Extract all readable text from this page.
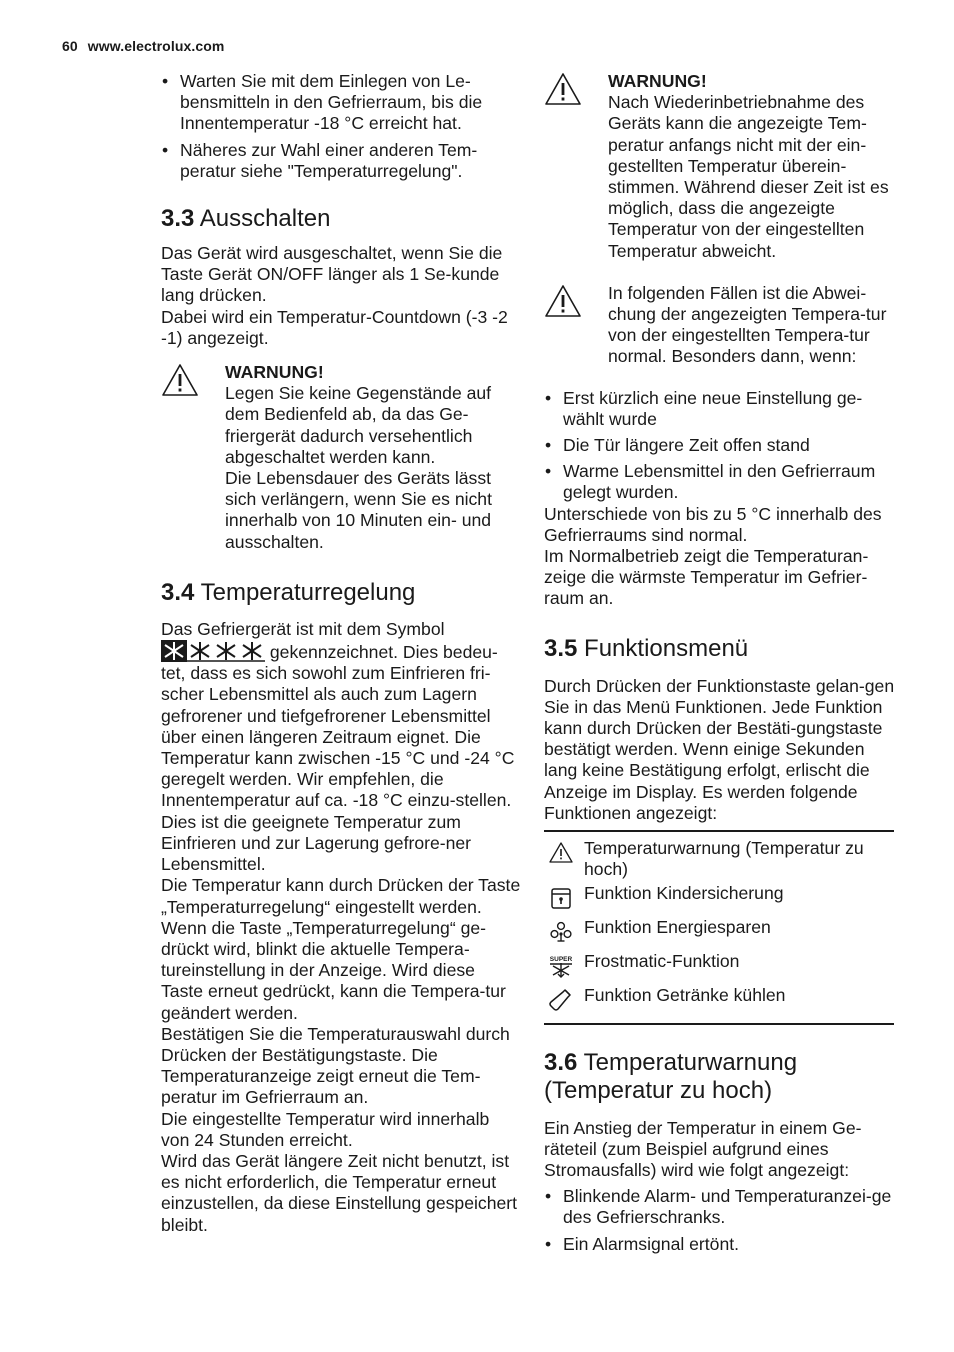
60 www.electrolux.com
• Warten Sie mit dem Einlegen von Le-bensmitteln in den Gefrierraum, bis die Innentemperatur -18 °C erreicht hat.
• Näheres zur Wahl einer anderen Tem-peratur siehe "Temperaturregelung".
3.3 Ausschalten

Das Gerät wird ausgeschaltet, wenn Sie die Taste Gerät ON/OFF länger als 1 Se-kunde lang drücken.
Dabei wird ein Temperatur-Countdown (-3 -2 -1) angezeigt.

WARNUNG!

Legen Sie keine Gegenstände auf dem Bedienfeld ab, da das Ge-friergerät dadurch versehentlich abgeschaltet werden kann.
Die Lebensdauer des Geräts lässt sich verlängern, wenn Sie es nicht innerhalb von 10 Minuten ein- und ausschalten.

3.4 Temperaturregelung

Das Gefriergerät ist mit dem Symbol

gekennzeichnet. Dies bedeu-

tet, dass es sich sowohl zum Einfrieren fri-scher Lebensmittel als auch zum Lagern gefrorener und tiefgefrorener Lebensmittel über einen längeren Zeitraum eignet. Die Temperatur kann zwischen -15 °C und -24 °C geregelt werden. Wir empfehlen, die Innentemperatur auf ca. -18 °C einzu-stellen. Dies ist die geeignete Temperatur zum Einfrieren und zur Lagerung gefrore-ner Lebensmittel.
Die Temperatur kann durch Drücken der Taste „Temperaturregelung“ eingestellt werden.
Wenn die Taste „Temperaturregelung“ ge-drückt wird, blinkt die aktuelle Tempera-tureinstellung in der Anzeige. Wird diese Taste erneut gedrückt, kann die Tempera-tur geändert werden.
Bestätigen Sie die Temperaturauswahl durch Drücken der Bestätigungstaste. Die Temperaturanzeige zeigt erneut die Tem-peratur im Gefrierraum an.
Die eingestellte Temperatur wird innerhalb von 24 Stunden erreicht.
Wird das Gerät längere Zeit nicht benutzt, ist es nicht erforderlich, die Temperatur erneut einzustellen, da diese Einstellung gespeichert bleibt.

WARNUNG!

Nach Wiederinbetriebnahme des Geräts kann die angezeigte Tem-peratur anfangs nicht mit der ein-gestellten Temperatur überein-stimmen. Während dieser Zeit ist es möglich, dass die angezeigte Temperatur von der eingestellten Temperatur abweicht.

In folgenden Fällen ist die Abwei-chung der angezeigten Tempera-tur von der eingestellten Tempera-tur normal. Besonders dann, wenn:

• Erst kürzlich eine neue Einstellung ge-wählt wurde
• Die Tür längere Zeit offen stand
• Warme Lebensmittel in den Gefrierraum gelegt wurden.

Unterschiede von bis zu 5 °C innerhalb des Gefrierraums sind normal.
Im Normalbetrieb zeigt die Temperaturan-zeige die wärmste Temperatur im Gefrier-raum an.

3.5 Funktionsmenü

Durch Drücken der Funktionstaste gelan-gen Sie in das Menü Funktionen. Jede Funktion kann durch Drücken der Bestäti-gungstaste bestätigt werden. Wenn einige Sekunden lang keine Bestätigung erfolgt, erlischt die Anzeige im Display. Es werden folgende Funktionen angezeigt:

Temperaturwarnung (Temperatur zu hoch)
Funktion Kindersicherung
Funktion Energiesparen
SUPER Frostmatic-Funktion
Funktion Getränke kühlen
3.6 Temperaturwarnung (Temperatur zu hoch)

Ein Anstieg der Temperatur in einem Ge-räteteil (zum Beispiel aufgrund eines Stromausfalls) wird wie folgt angezeigt:

• Blinkende Alarm- und Temperaturanzei-ge des Gefrierschranks.
• Ein Alarmsignal ertönt.
